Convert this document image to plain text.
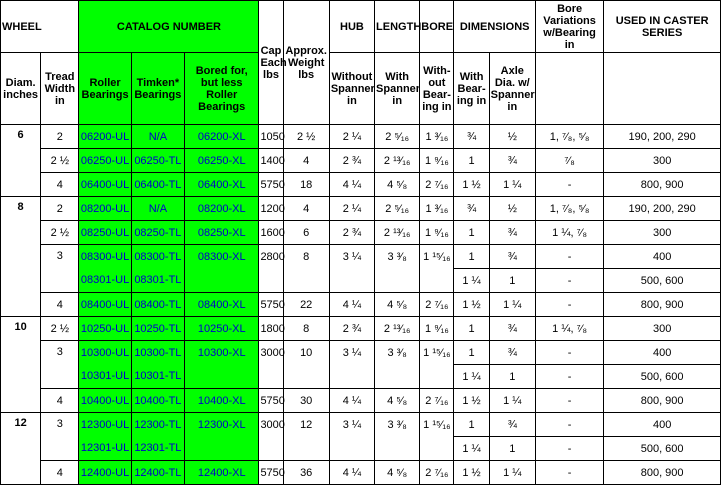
WHEEL		CATALOG NUMBER			Cap Each lbs	Approx. Weight lbs	HUB	LENGTH	BORE	DIMENSIONS		Bore Variations w/Bearing in	USED IN CASTER SERIES
Diam. inches	Tread Width in	Roller Bearings	Timken* Bearings	Bored for, but less Roller Bearings			Without Spanner in	With Spanner in	With-out Bear-ing in	With Bear-ing in	Axle Dia. w/ Spanner in		
6	2	06200-UL	N/A	06200-XL	1050	2 ½	2 ¼	2 ⁵⁄₁₆	1 ³⁄₁₆	¾	½	1, ⁷⁄₈, ⁵⁄₈	190, 200, 290
	2 ½	06250-UL	06250-TL	06250-XL	1400	4	2 ¾	2 ¹³⁄₁₆	1 ⁹⁄₁₆	1	¾	⁷⁄₈	300
	4	06400-UL	06400-TL	06400-XL	5750	18	4 ¼	4 ⁵⁄₈	2 ⁷⁄₁₆	1 ½	1 ¼	-	800, 900
8	2	08200-UL	N/A	08200-XL	1200	4	2 ¼	2 ⁵⁄₁₆	1 ³⁄₁₆	¾	½	1, ⁷⁄₈, ⁵⁄₈	190, 200, 290
	2 ½	08250-UL	08250-TL	08250-XL	1600	6	2 ¾	2 ¹³⁄₁₆	1 ⁹⁄₁₆	1	¾	1 ¼, ⁷⁄₈	300
	3	08300-UL	08300-TL	08300-XL	2800	8	3 ¼	3 ³⁄₈	1 ¹⁵⁄₁₆	1	¾	-	400
		08301-UL	08301-TL							1 ¼	1	-	500, 600
	4	08400-UL	08400-TL	08400-XL	5750	22	4 ¼	4 ⁵⁄₈	2 ⁷⁄₁₆	1 ½	1 ¼	-	800, 900
10	2 ½	10250-UL	10250-TL	10250-XL	1800	8	2 ¾	2 ¹³⁄₁₆	1 ⁹⁄₁₆	1	¾	1 ¼, ⁷⁄₈	300
	3	10300-UL	10300-TL	10300-XL	3000	10	3 ¼	3 ³⁄₈	1 ¹⁵⁄₁₆	1	¾	-	400
		10301-UL	10301-TL							1 ¼	1	-	500, 600
	4	10400-UL	10400-TL	10400-XL	5750	30	4 ¼	4 ⁵⁄₈	2 ⁷⁄₁₆	1 ½	1 ¼	-	800, 900
12	3	12300-UL	12300-TL	12300-XL	3000	12	3 ¼	3 ³⁄₈	1 ¹⁵⁄₁₆	1	¾	-	400
		12301-UL	12301-TL							1 ¼	1	-	500, 600
	4	12400-UL	12400-TL	12400-XL	5750	36	4 ¼	4 ⁵⁄₈	2 ⁷⁄₁₆	1 ½	1 ¼	-	800, 900
